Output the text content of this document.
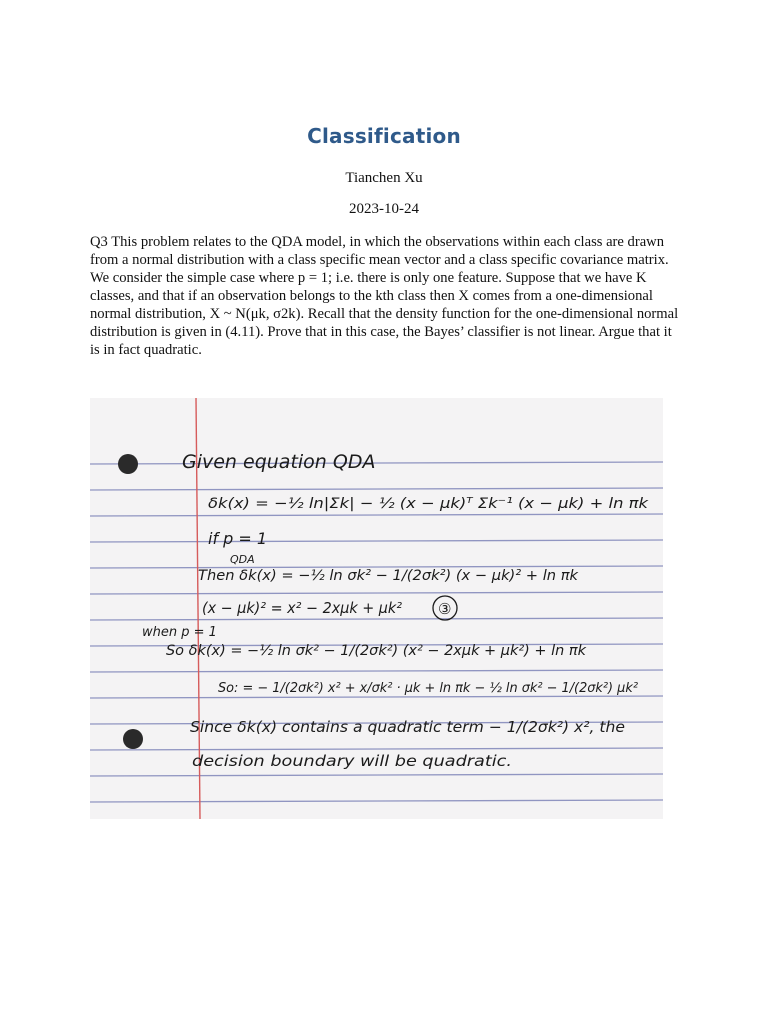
Classification
Tianchen Xu
2023-10-24
Q3 This problem relates to the QDA model, in which the observations within each class are drawn from a normal distribution with a class specific mean vector and a class specific covariance matrix. We consider the simple case where p = 1; i.e. there is only one feature. Suppose that we have K classes, and that if an observation belongs to the kth class then X comes from a one-dimensional normal distribution, X ~ N(μk, σ2k). Recall that the density function for the one-dimensional normal distribution is given in (4.11). Prove that in this case, the Bayes’ classifier is not linear. Argue that it is in fact quadratic.
Given equation QDA
δk(x) = −½ ln|Σk| − ½ (x − μk)ᵀ Σk⁻¹ (x − μk) + ln πk
if p = 1
QDA
Then δk(x) = −½ ln σk² − 1/(2σk²) (x − μk)² + ln πk
(x − μk)² = x² − 2xμk + μk² ③
when p = 1
So δk(x) = −½ ln σk² − 1/(2σk²) (x² − 2xμk + μk²) + ln πk
So: = − 1/(2σk²) x² + x/σk² · μk + ln πk − ½ ln σk² − 1/(2σk²) μk²
Since δk(x) contains a quadratic term − 1/(2σk²) x², the
decision boundary will be quadratic.
